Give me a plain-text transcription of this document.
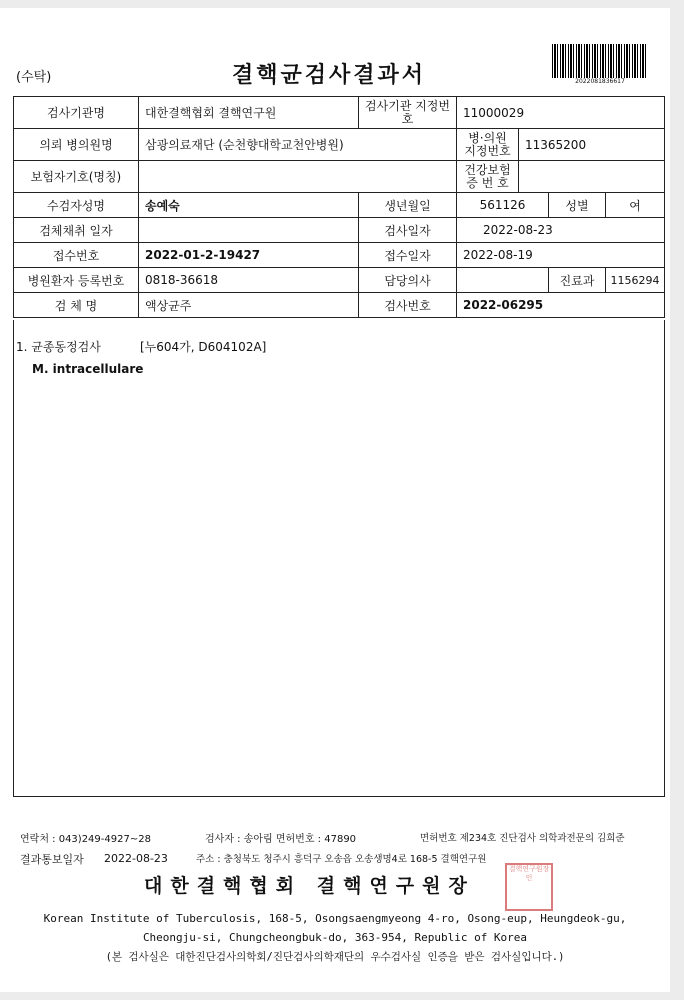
(수탁)	결핵균검사결과서	2022081836617
검사기관명	대한결핵협회 결핵연구원	검사기관 지정번호	11000029			
의뢰 병의원명	삼광의료재단 (순천향대학교천안병원)		병·의원 지정번호	11365200		
보험자기호(명칭)			건강보험 증 번 호			
수검자성명	송예숙	생년월일	561126		성별	여
검체채취 일자		검사일자	2022-08-23			
접수번호	2022-01-2-19427	접수일자	2022-08-19			
병원환자 등록번호	0818-36618	담당의사			진료과	1156294
검 체 명	액상균주	검사번호	2022-06295			
1. 균종동정검사	[누604가, D604102A]
M. intracellulare
연락처 : 043)249-4927~28	검사자 : 송아림 면허번호 : 47890	면허번호 제234호 진단검사 의학과전문의 김희준
결과통보일자 2022-08-23	주소 : 충청북도 청주시 흥덕구 오송읍 오송생명4로 168-5 결핵연구원
대한결핵협회 결핵연구원장
결핵연구원장인
Korean Institute of Tuberculosis, 168-5, Osongsaengmyeong 4-ro, Osong-eup, Heungdeok-gu,
Cheongju-si, Chungcheongbuk-do, 363-954, Republic of Korea
(본 검사실은 대한진단검사의학회/진단검사의학재단의 우수검사실 인증을 받은 검사실입니다.)
